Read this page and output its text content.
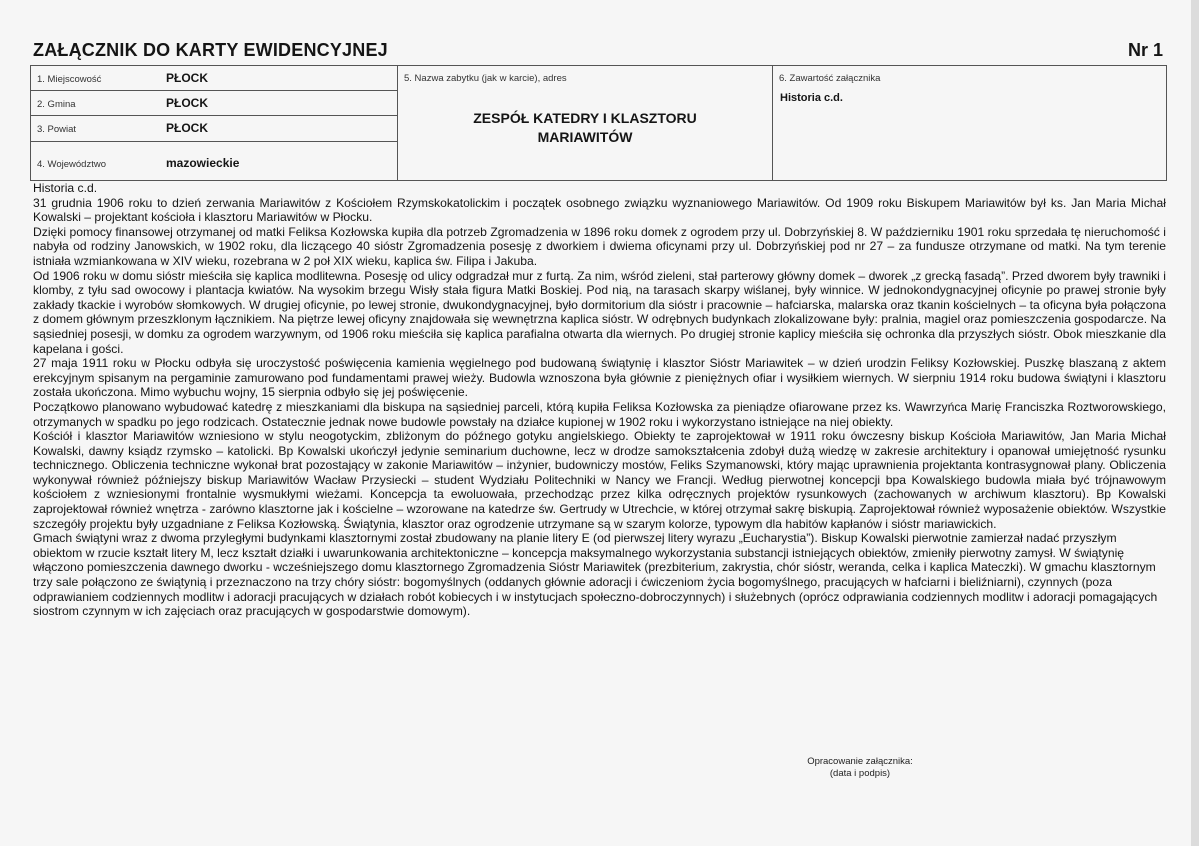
ZAŁĄCZNIK DO KARTY EWIDENCYJNEJ	Nr 1
1. Miejscowość	PŁOCK
2. Gmina	PŁOCK
3. Powiat	PŁOCK
4. Województwo	mazowieckie
5. Nazwa zabytku (jak w karcie), adres
ZESPÓŁ KATEDRY I KLASZTORU
MARIAWITÓW
6. Zawartość załącznika
Historia c.d.

Historia c.d.

31 grudnia 1906 roku to dzień zerwania Mariawitów z Kościołem Rzymskokatolickim i początek osobnego związku wyznaniowego Mariawitów. Od 1909 roku Biskupem Mariawitów był ks. Jan Maria Michał Kowalski – projektant kościoła i klasztoru Mariawitów w Płocku.

Dzięki pomocy finansowej otrzymanej od matki Feliksa Kozłowska kupiła dla potrzeb Zgromadzenia w 1896 roku domek z ogrodem przy ul. Dobrzyńskiej 8. W październiku 1901 roku sprzedała tę nieruchomość i nabyła od rodziny Janowskich, w 1902 roku, dla liczącego 40 sióstr Zgromadzenia posesję z dworkiem i dwiema oficynami przy ul. Dobrzyńskiej pod nr 27 – za fundusze otrzymane od matki. Na tym terenie istniała wzmiankowana w XIV wieku, rozebrana w 2 poł XIX wieku, kaplica św. Filipa i Jakuba.

Od 1906 roku w domu sióstr mieściła się kaplica modlitewna. Posesję od ulicy odgradzał mur z furtą. Za nim, wśród zieleni, stał parterowy główny domek – dworek „z grecką fasadą”. Przed dworem były trawniki i klomby, z tyłu sad owocowy i plantacja kwiatów. Na wysokim brzegu Wisły stała figura Matki Boskiej. Pod nią, na tarasach skarpy wiślanej, były winnice. W jednokondygnacyjnej oficynie po prawej stronie były zakłady tkackie i wyrobów słomkowych. W drugiej oficynie, po lewej stronie, dwukondygnacyjnej, było dormitorium dla sióstr i pracownie – hafciarska, malarska oraz tkanin kościelnych – ta oficyna była połączona z domem głównym przeszklonym łącznikiem. Na piętrze lewej oficyny znajdowała się wewnętrzna kaplica sióstr. W odrębnych budynkach zlokalizowane były: pralnia, magiel oraz pomieszczenia gospodarcze. Na sąsiedniej posesji, w domku za ogrodem warzywnym, od 1906 roku mieściła się kaplica parafialna otwarta dla wiernych. Po drugiej stronie kaplicy mieściła się ochronka dla przyszłych sióstr. Obok mieszkanie dla kapelana i gości.

27 maja 1911 roku w Płocku odbyła się uroczystość poświęcenia kamienia węgielnego pod budowaną świątynię i klasztor Sióstr Mariawitek – w dzień urodzin Feliksy Kozłowskiej. Puszkę blaszaną z aktem erekcyjnym spisanym na pergaminie zamurowano pod fundamentami prawej wieży. Budowla wznoszona była głównie z pieniężnych ofiar i wysiłkiem wiernych. W sierpniu 1914 roku budowa świątyni i klasztoru została ukończona. Mimo wybuchu wojny, 15 sierpnia odbyło się jej poświęcenie.

Początkowo planowano wybudować katedrę z mieszkaniami dla biskupa na sąsiedniej parceli, którą kupiła Feliksa Kozłowska za pieniądze ofiarowane przez ks. Wawrzyńca Marię Franciszka Roztworowskiego, otrzymanych w spadku po jego rodzicach. Ostatecznie jednak nowe budowle powstały na działce kupionej w 1902 roku i wykorzystano istniejące na niej obiekty.

Kościół i klasztor Mariawitów wzniesiono w stylu neogotyckim, zbliżonym do późnego gotyku angielskiego. Obiekty te zaprojektował w 1911 roku ówczesny biskup Kościoła Mariawitów, Jan Maria Michał Kowalski, dawny ksiądz rzymsko – katolicki. Bp Kowalski ukończył jedynie seminarium duchowne, lecz w drodze samokształcenia zdobył dużą wiedzę w zakresie architektury i opanował umiejętność rysunku technicznego. Obliczenia techniczne wykonał brat pozostający w zakonie Mariawitów – inżynier, budowniczy mostów, Feliks Szymanowski, który mając uprawnienia projektanta kontrasygnował plany. Obliczenia wykonywał również późniejszy biskup Mariawitów Wacław Przysiecki – student Wydziału Politechniki w Nancy we Francji. Według pierwotnej koncepcji bpa Kowalskiego budowla miała być trójnawowym kościołem z wzniesionymi frontalnie wysmukłymi wieżami. Koncepcja ta ewoluowała, przechodząc przez kilka odręcznych projektów rysunkowych (zachowanych w archiwum klasztoru). Bp Kowalski zaprojektował również wnętrza - zarówno klasztorne jak i kościelne – wzorowane na katedrze św. Gertrudy w Utrechcie, w której otrzymał sakrę biskupią. Zaprojektował również wyposażenie obiektów. Wszystkie szczegóły projektu były uzgadniane z Feliksa Kozłowską. Świątynia, klasztor oraz ogrodzenie utrzymane są w szarym kolorze, typowym dla habitów kapłanów i sióstr mariawickich.

Gmach świątyni wraz z dwoma przyległymi budynkami klasztornymi został zbudowany na planie litery E (od pierwszej litery wyrazu „Eucharystia”). Biskup Kowalski pierwotnie zamierzał nadać przyszłym obiektom w rzucie kształt litery M, lecz kształt działki i uwarunkowania architektoniczne – koncepcja maksymalnego wykorzystania substancji istniejących obiektów, zmieniły pierwotny zamysł. W świątynię włączono pomieszczenia dawnego dworku - wcześniejszego domu klasztornego Zgromadzenia Sióstr Mariawitek (prezbiterium, zakrystia, chór sióstr, weranda, celka i kaplica Mateczki). W gmachu klasztornym trzy sale połączono ze świątynią i przeznaczono na trzy chóry sióstr: bogomyślnych (oddanych głównie adoracji i ćwiczeniom życia bogomyślnego, pracujących w hafciarni i bieliźniarni), czynnych (poza odprawianiem codziennych modlitw i adoracji pracujących w działach robót kobiecych i w instytucjach społeczno-dobroczynnych) i służebnych (oprócz odprawiania codziennych modlitw i adoracji pomagających siostrom czynnym w ich zajęciach oraz pracujących w gospodarstwie domowym).

Opracowanie załącznika:
(data i podpis)
